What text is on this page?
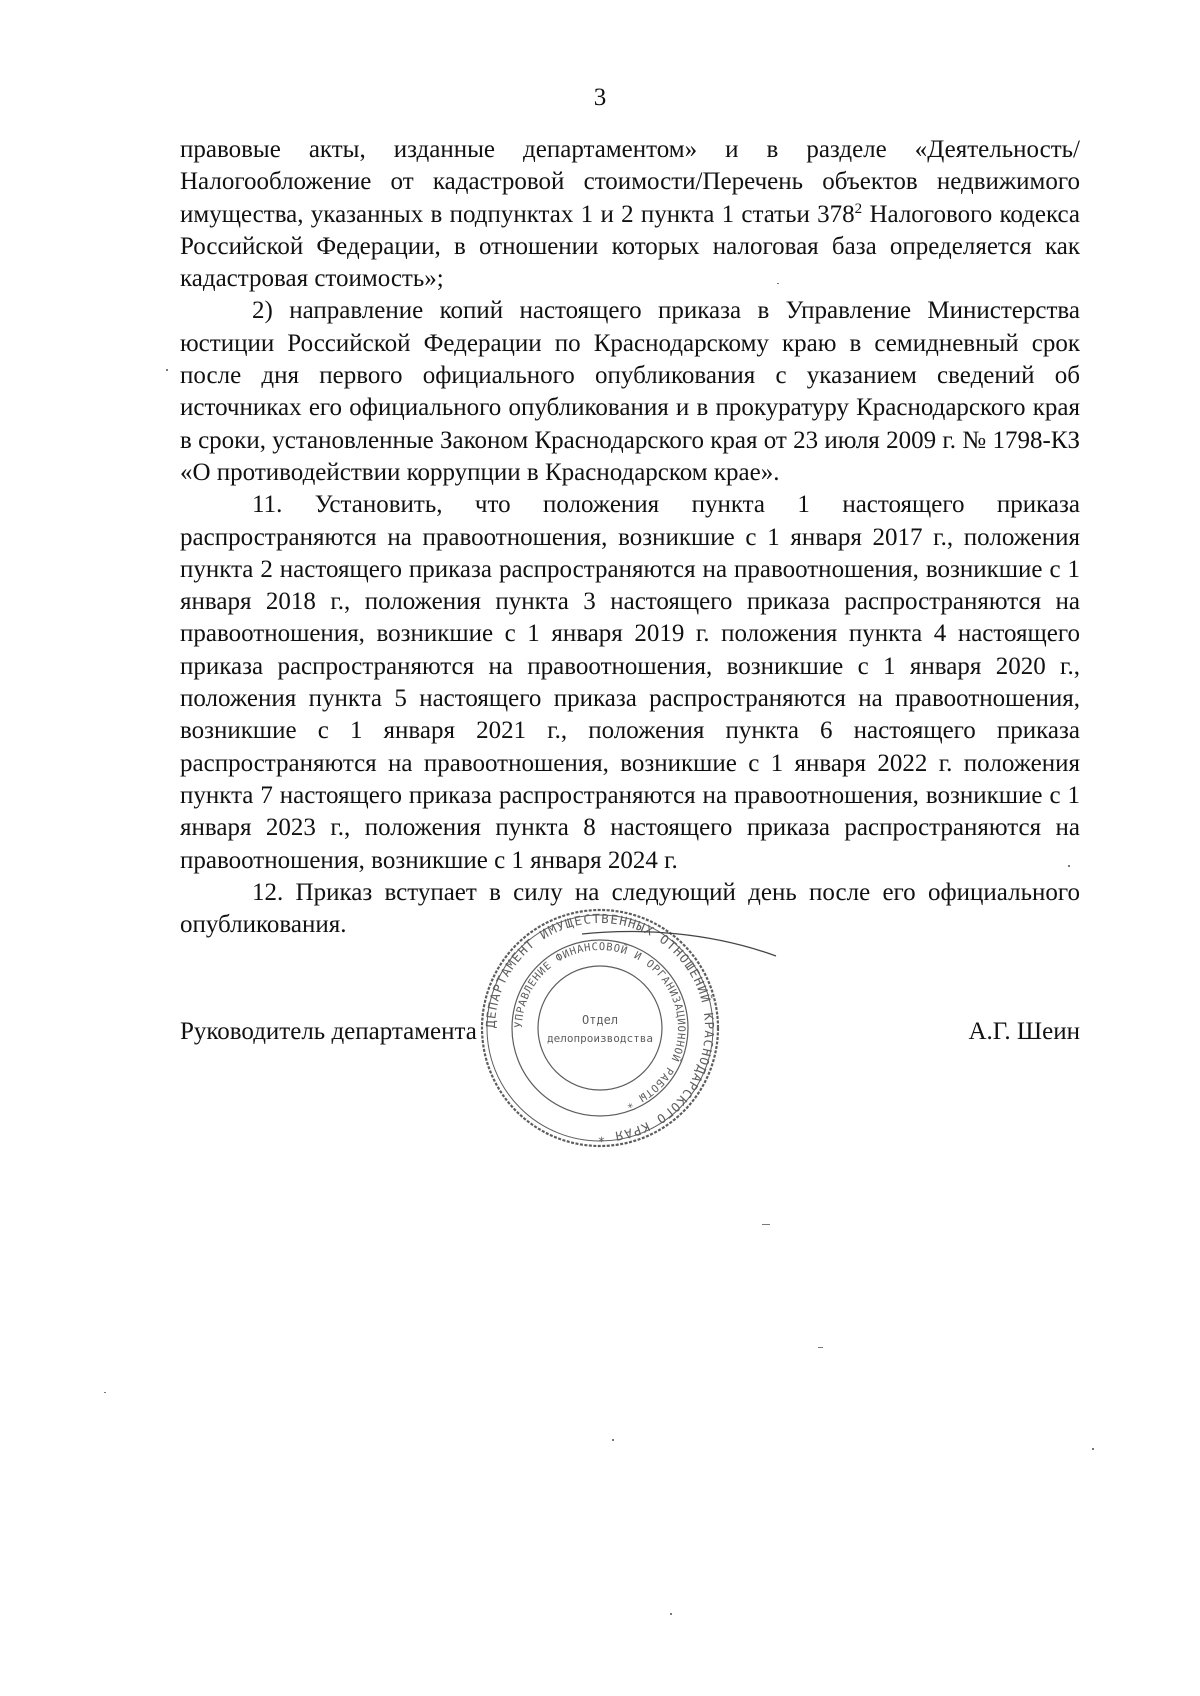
3

правовые акты, изданные департаментом» и в разделе «Деятельность/ Налогообложение от кадастровой стоимости/Перечень объектов недвижимого имущества, указанных в подпунктах 1 и 2 пункта 1 статьи $378^2$ Налогового кодекса Российской Федерации, в отношении которых налоговая база определяется как кадастровая стоимость»;

2) направление копий настоящего приказа в Управление Министерства юстиции Российской Федерации по Краснодарскому краю в семидневный срок после дня первого официального опубликования с указанием сведений об источниках его официального опубликования и в прокуратуру Краснодарского края в сроки, установленные Законом Краснодарского края от 23 июля 2009 г. № 1798-КЗ «О противодействии коррупции в Краснодарском крае».

11. Установить, что положения пункта 1 настоящего приказа распространяются на правоотношения, возникшие с 1 января 2017 г., положения пункта 2 настоящего приказа распространяются на правоотношения, возникшие с 1 января 2018 г., положения пункта 3 настоящего приказа распространяются на правоотношения, возникшие с 1 января 2019 г. положения пункта 4 настоящего приказа распространяются на правоотношения, возникшие с 1 января 2020 г., положения пункта 5 настоящего приказа распространяются на правоотношения, возникшие с 1 января 2021 г., положения пункта 6 настоящего приказа распространяются на правоотношения, возникшие с 1 января 2022 г. положения пункта 7 настоящего приказа распространяются на правоотношения, возникшие с 1 января 2023 г., положения пункта 8 настоящего приказа распространяются на правоотношения, возникшие с 1 января 2024 г.

12. Приказ вступает в силу на следующий день после его официального опубликования.

Руководитель департамента	А.Г. Шеин
ДЕПАРТАМЕНТ ИМУЩЕСТВЕННЫХ ОТНОШЕНИЙ КРАСНОДАРСКОГО КРАЯ *
УПРАВЛЕНИЕ ФИНАНСОВОЙ И ОРГАНИЗАЦИОННОЙ РАБОТЫ *
Отдел
делопроизводства
